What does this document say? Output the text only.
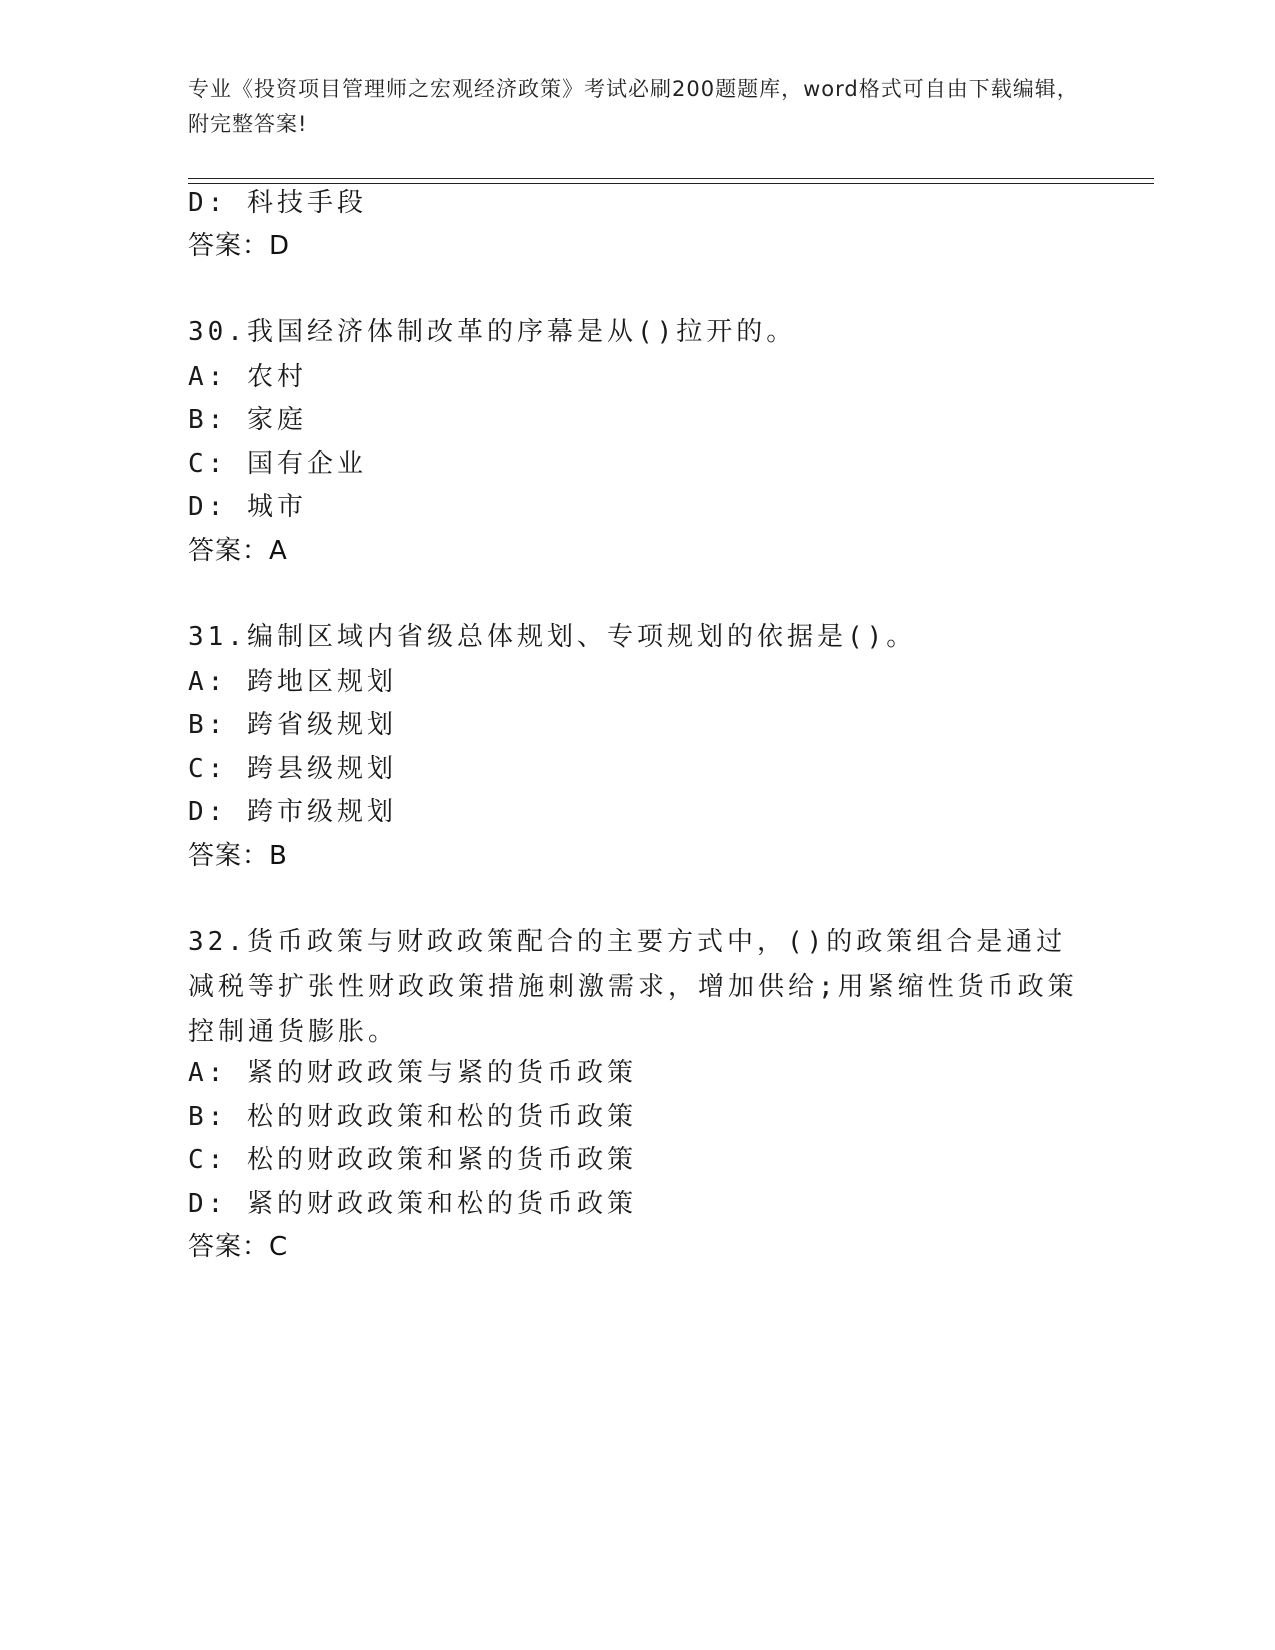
专业《投资项目管理师之宏观经济政策》考试必刷200题题库，word格式可自由下载编辑，附完整答案!
D: 科技手段
答案：D
30.我国经济体制改革的序幕是从()拉开的。
A: 农村
B: 家庭
C: 国有企业
D: 城市
答案：A
31.编制区域内省级总体规划、专项规划的依据是()。
A: 跨地区规划
B: 跨省级规划
C: 跨县级规划
D: 跨市级规划
答案：B
32.货币政策与财政政策配合的主要方式中，()的政策组合是通过减税等扩张性财政政策措施刺激需求，增加供给;用紧缩性货币政策控制通货膨胀。
A: 紧的财政政策与紧的货币政策
B: 松的财政政策和松的货币政策
C: 松的财政政策和紧的货币政策
D: 紧的财政政策和松的货币政策
答案：C
